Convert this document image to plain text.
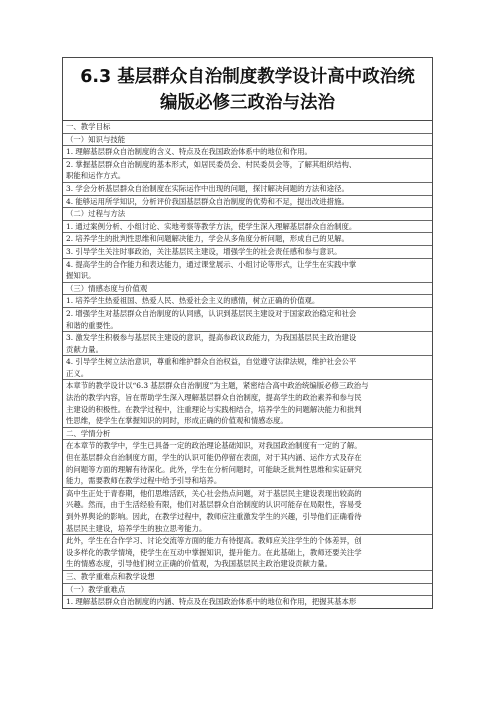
6.3 基层群众自治制度教学设计高中政治统
编版必修三政治与法治
一、教学目标
（一）知识与技能
1. 理解基层群众自治制度的含义、特点及在我国政治体系中的地位和作用。
2. 掌握基层群众自治制度的基本形式，如居民委员会、村民委员会等，了解其组织结构、
职能和运作方式。
3. 学会分析基层群众自治制度在实际运作中出现的问题，探讨解决问题的方法和途径。
4. 能够运用所学知识，分析评价我国基层群众自治制度的优势和不足，提出改进措施。
（二）过程与方法
1. 通过案例分析、小组讨论、实地考察等教学方法，使学生深入理解基层群众自治制度。
2. 培养学生的批判性思维和问题解决能力，学会从多角度分析问题，形成自己的见解。
3. 引导学生关注时事政治，关注基层民主建设，增强学生的社会责任感和参与意识。
4. 提高学生的合作能力和表达能力，通过课堂展示、小组讨论等形式，让学生在实践中掌
握知识。
（三）情感态度与价值观
1. 培养学生热爱祖国、热爱人民、热爱社会主义的感情，树立正确的价值观。
2. 增强学生对基层群众自治制度的认同感，认识到基层民主建设对于国家政治稳定和社会
和谐的重要性。
3. 激发学生积极参与基层民主建设的意识，提高参政议政能力，为我国基层民主政治建设
贡献力量。
4. 引导学生树立法治意识，尊重和维护群众自治权益，自觉遵守法律法规，维护社会公平
正义。
本章节的教学设计以“6.3 基层群众自治制度”为主题，紧密结合高中政治统编版必修三政治与
法治的教学内容，旨在帮助学生深入理解基层群众自治制度，提高学生的政治素养和参与民
主建设的积极性。在教学过程中，注重理论与实践相结合，培养学生的问题解决能力和批判
性思维，使学生在掌握知识的同时，形成正确的价值观和情感态度。
二、学情分析
在本章节的教学中，学生已具备一定的政治理论基础知识，对我国政治制度有一定的了解。
但在基层群众自治制度方面，学生的认识可能仍停留在表面，对于其内涵、运作方式及存在
的问题等方面的理解有待深化。此外，学生在分析问题时，可能缺乏批判性思维和实证研究
能力，需要教师在教学过程中给予引导和培养。
高中生正处于青春期，他们思维活跃，关心社会热点问题，对于基层民主建设表现出较高的
兴趣。然而，由于生活经验有限，他们对基层群众自治制度的认识可能存在局限性，容易受
到外界舆论的影响。因此，在教学过程中，教师应注重激发学生的兴趣，引导他们正确看待
基层民主建设，培养学生的独立思考能力。
此外，学生在合作学习、讨论交流等方面的能力有待提高。教师应关注学生的个体差异，创
设多样化的教学情境，使学生在互动中掌握知识，提升能力。在此基础上，教师还要关注学
生的情感态度，引导他们树立正确的价值观，为我国基层民主政治建设贡献力量。
三、教学重难点和教学设想
（一）教学重难点
1. 理解基层群众自治制度的内涵、特点及在我国政治体系中的地位和作用，把握其基本形
